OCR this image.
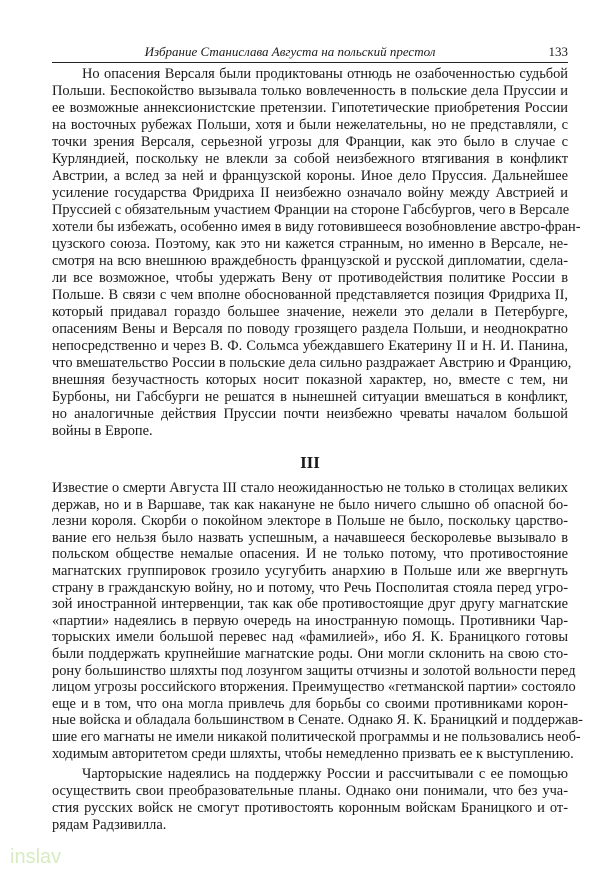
Избрание Станислава Августа на польский престол	133
Но опасения Версаля были продиктованы отнюдь не озабоченностью судьбой
Польши. Беспокойство вызывала только вовлеченность в польские дела Пруссии и
ее возможные аннексионистские претензии. Гипотетические приобретения России
на восточных рубежах Польши, хотя и были нежелательны, но не представляли, с
точки зрения Версаля, серьезной угрозы для Франции, как это было в случае с
Курляндией, поскольку не влекли за собой неизбежного втягивания в конфликт
Австрии, а вслед за ней и французской короны. Иное дело Пруссия. Дальнейшее
усиление государства Фридриха II неизбежно означало войну между Австрией и
Пруссией с обязательным участием Франции на стороне Габсбургов, чего в Версале
хотели бы избежать, особенно имея в виду готовившееся возобновление австро-фран-
цузского союза. Поэтому, как это ни кажется странным, но именно в Версале, не-
смотря на всю внешнюю враждебность французской и русской дипломатии, сдела-
ли все возможное, чтобы удержать Вену от противодействия политике России в
Польше. В связи с чем вполне обоснованной представляется позиция Фридриха II,
который придавал гораздо большее значение, нежели это делали в Петербурге,
опасениям Вены и Версаля по поводу грозящего раздела Польши, и неоднократно
непосредственно и через В. Ф. Сольмса убеждавшего Екатерину II и Н. И. Панина,
что вмешательство России в польские дела сильно раздражает Австрию и Францию,
внешняя безучастность которых носит показной характер, но, вместе с тем, ни
Бурбоны, ни Габсбурги не решатся в нынешней ситуации вмешаться в конфликт,
но аналогичные действия Пруссии почти неизбежно чреваты началом большой
войны в Европе.
III
Известие о смерти Августа III стало неожиданностью не только в столицах великих
держав, но и в Варшаве, так как накануне не было ничего слышно об опасной бо-
лезни короля. Скорби о покойном электоре в Польше не было, поскольку царство-
вание его нельзя было назвать успешным, а начавшееся бескоролевье вызывало в
польском обществе немалые опасения. И не только потому, что противостояние
магнатских группировок грозило усугубить анархию в Польше или же ввергнуть
страну в гражданскую войну, но и потому, что Речь Посполитая стояла перед угро-
зой иностранной интервенции, так как обе противостоящие друг другу магнатские
«партии» надеялись в первую очередь на иностранную помощь. Противники Чар-
торыских имели большой перевес над «фамилией», ибо Я. К. Браницкого готовы
были поддержать крупнейшие магнатские роды. Они могли склонить на свою сто-
рону большинство шляхты под лозунгом защиты отчизны и золотой вольности перед
лицом угрозы российского вторжения. Преимущество «гетманской партии» состояло
еще и в том, что она могла привлечь для борьбы со своими противниками корон-
ные войска и обладала большинством в Сенате. Однако Я. К. Браницкий и поддержав-
шие его магнаты не имели никакой политической программы и не пользовались необ-
ходимым авторитетом среди шляхты, чтобы немедленно призвать ее к выступлению.
Чарторыские надеялись на поддержку России и рассчитывали с ее помощью
осуществить свои преобразовательные планы. Однако они понимали, что без уча-
стия русских войск не смогут противостоять коронным войскам Браницкого и от-
рядам Радзивилла.
inslav
